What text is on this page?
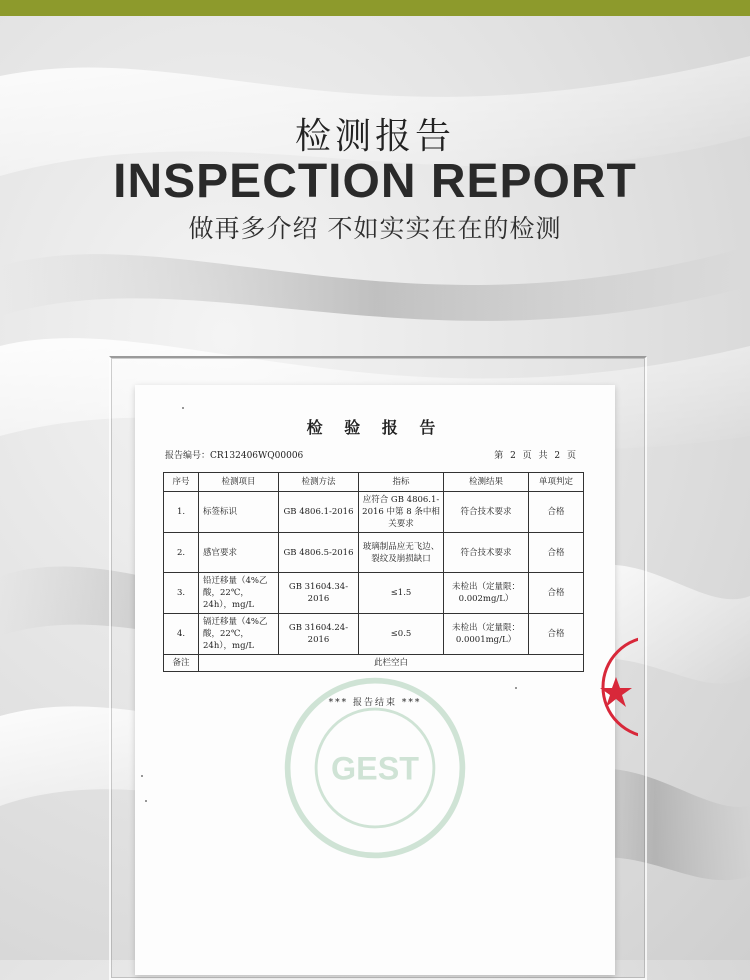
检测报告
INSPECTION REPORT
做再多介绍 不如实实在在的检测
GEST
检 验 报 告
报告编号：CR132406WQ00006	第 2 页 共 2 页
序号	检测项目	检测方法	指标	检测结果	单项判定
1.	标签标识	GB 4806.1-2016	应符合 GB 4806.1-2016 中第 8 条中相关要求	符合技术要求	合格
2.	感官要求	GB 4806.5-2016	玻璃制品应无飞边、裂纹及崩损缺口	符合技术要求	合格
3.	铅迁移量（4%乙酸，22℃，24h），mg/L	GB 31604.34-2016	≤1.5	未检出（定量限：0.002mg/L）	合格
4.	镉迁移量（4%乙酸，22℃，24h），mg/L	GB 31604.24-2016	≤0.5	未检出（定量限：0.0001mg/L）	合格
备注	此栏空白				
*** 报告结束 ***
